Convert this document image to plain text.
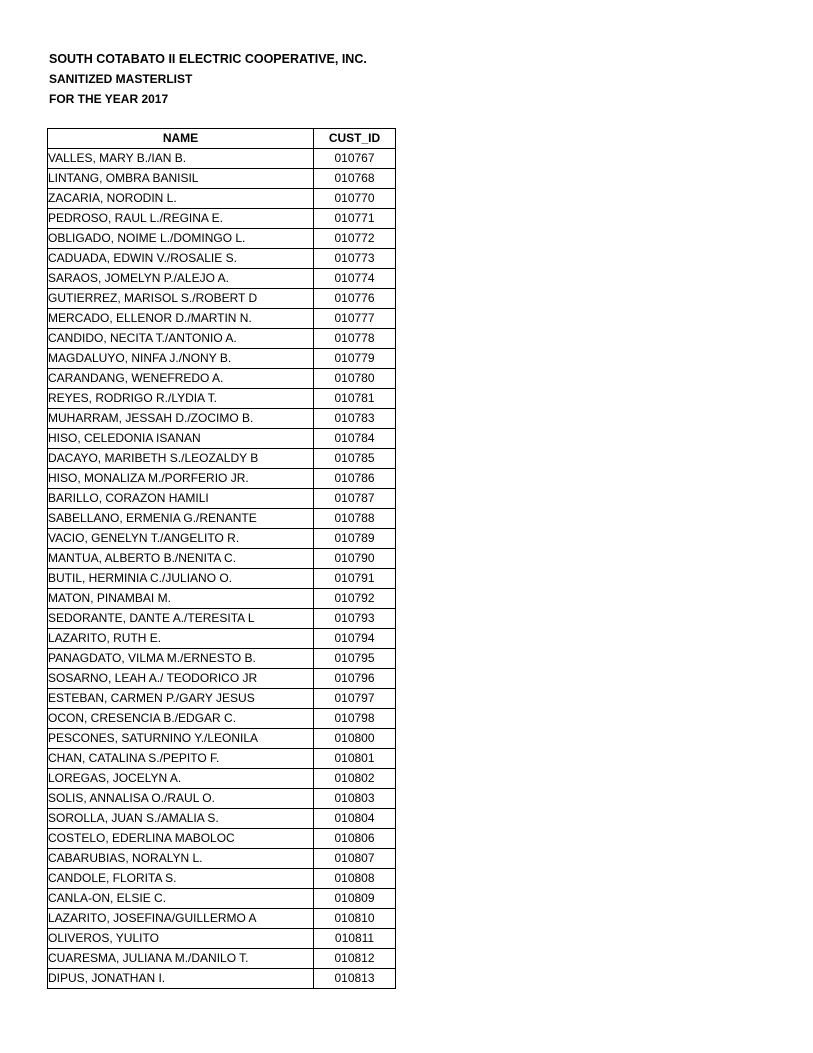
SOUTH COTABATO II ELECTRIC COOPERATIVE, INC.
SANITIZED MASTERLIST
FOR THE YEAR 2017
NAME	CUST_ID
VALLES, MARY B./IAN B.	010767
LINTANG, OMBRA BANISIL	010768
ZACARIA, NORODIN L.	010770
PEDROSO, RAUL L./REGINA E.	010771
OBLIGADO, NOIME L./DOMINGO L.	010772
CADUADA, EDWIN V./ROSALIE S.	010773
SARAOS, JOMELYN P./ALEJO A.	010774
GUTIERREZ, MARISOL S./ROBERT D	010776
MERCADO, ELLENOR D./MARTIN N.	010777
CANDIDO, NECITA T./ANTONIO A.	010778
MAGDALUYO, NINFA J./NONY B.	010779
CARANDANG, WENEFREDO A.	010780
REYES, RODRIGO R./LYDIA T.	010781
MUHARRAM, JESSAH D./ZOCIMO B.	010783
HISO, CELEDONIA ISANAN	010784
DACAYO, MARIBETH S./LEOZALDY B	010785
HISO, MONALIZA M./PORFERIO JR.	010786
BARILLO, CORAZON HAMILI	010787
SABELLANO, ERMENIA G./RENANTE	010788
VACIO, GENELYN T./ANGELITO R.	010789
MANTUA, ALBERTO B./NENITA C.	010790
BUTIL, HERMINIA C./JULIANO O.	010791
MATON, PINAMBAI M.	010792
SEDORANTE, DANTE A./TERESITA L	010793
LAZARITO, RUTH E.	010794
PANAGDATO, VILMA M./ERNESTO B.	010795
SOSARNO, LEAH A./ TEODORICO JR	010796
ESTEBAN, CARMEN P./GARY JESUS	010797
OCON, CRESENCIA B./EDGAR C.	010798
PESCONES, SATURNINO Y./LEONILA	010800
CHAN, CATALINA S./PEPITO F.	010801
LOREGAS, JOCELYN A.	010802
SOLIS, ANNALISA O./RAUL O.	010803
SOROLLA, JUAN S./AMALIA S.	010804
COSTELO, EDERLINA MABOLOC	010806
CABARUBIAS, NORALYN L.	010807
CANDOLE, FLORITA S.	010808
CANLA-ON, ELSIE C.	010809
LAZARITO, JOSEFINA/GUILLERMO A	010810
OLIVEROS, YULITO	010811
CUARESMA, JULIANA M./DANILO T.	010812
DIPUS, JONATHAN I.	010813
